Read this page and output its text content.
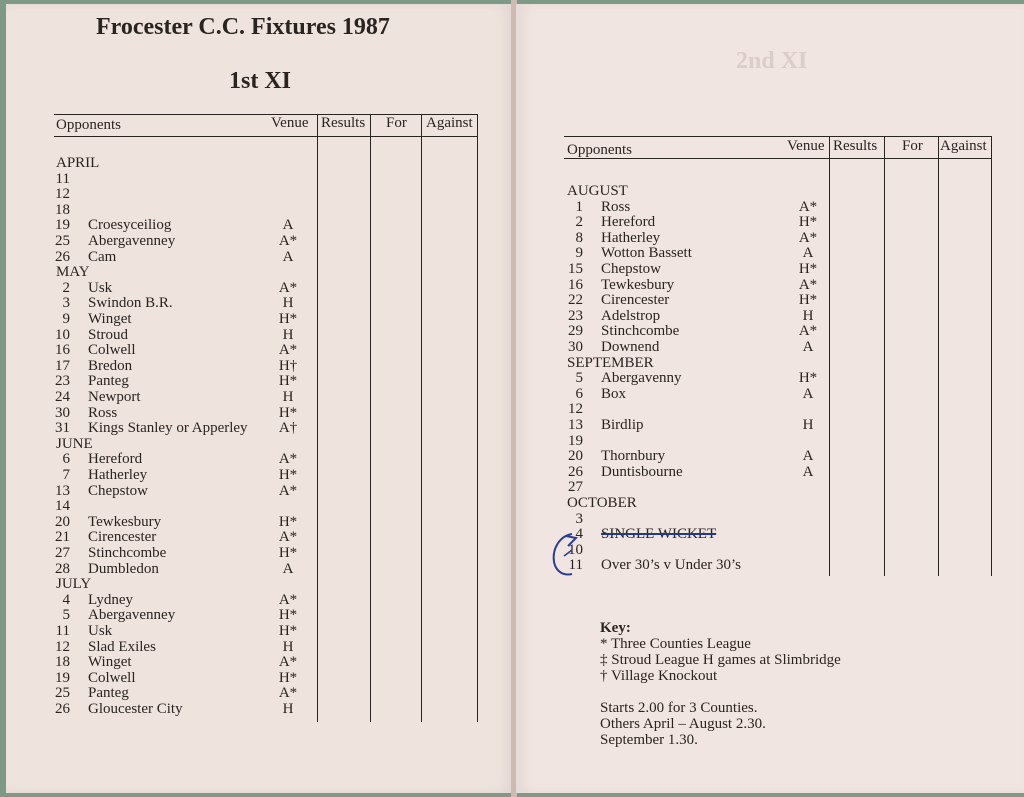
Frocester C.C. Fixtures 1987
1st XI
Opponents	Venue Results For Against
APRIL
11
12
18
19 Croesyceiliog	A
25 Abergavenney	A*
26 Cam	A
MAY
2 Usk	A*
3 Swindon B.R.	H
9 Winget	H*
10 Stroud	H
16 Colwell	A*
17 Bredon	H†
23 Panteg	H*
24 Newport	H
30 Ross	H*
31 Kings Stanley or Apperley	A†
JUNE
6 Hereford	A*
7 Hatherley	H*
13 Chepstow	A*
14
20 Tewkesbury	H*
21 Cirencester	A*
27 Stinchcombe	H*
28 Dumbledon	A
JULY
4 Lydney	A*
5 Abergavenney	H*
11 Usk	H*
12 Slad Exiles	H
18 Winget	A*
19 Colwell	H*
25 Panteg	A*
26 Gloucester City	H
2nd XI
Opponents	Venue Results For Against
AUGUST
1 Ross	A*
2 Hereford	H*
8 Hatherley	A*
9 Wotton Bassett	A
15 Chepstow	H*
16 Tewkesbury	A*
22 Cirencester	H*
23 Adelstrop	H
29 Stinchcombe	A*
30 Downend	A
SEPTEMBER
5 Abergavenny	H*
6 Box	A
12
13 Birdlip	H
19
20 Thornbury	A
26 Duntisbourne	A
27
OCTOBER
3
4 SINGLE WICKET
10
11 Over 30’s v Under 30’s
Key:
* Three Counties League
‡ Stroud League H games at Slimbridge
† Village Knockout
Starts 2.00 for 3 Counties.
Others April – August 2.30.
September 1.30.
